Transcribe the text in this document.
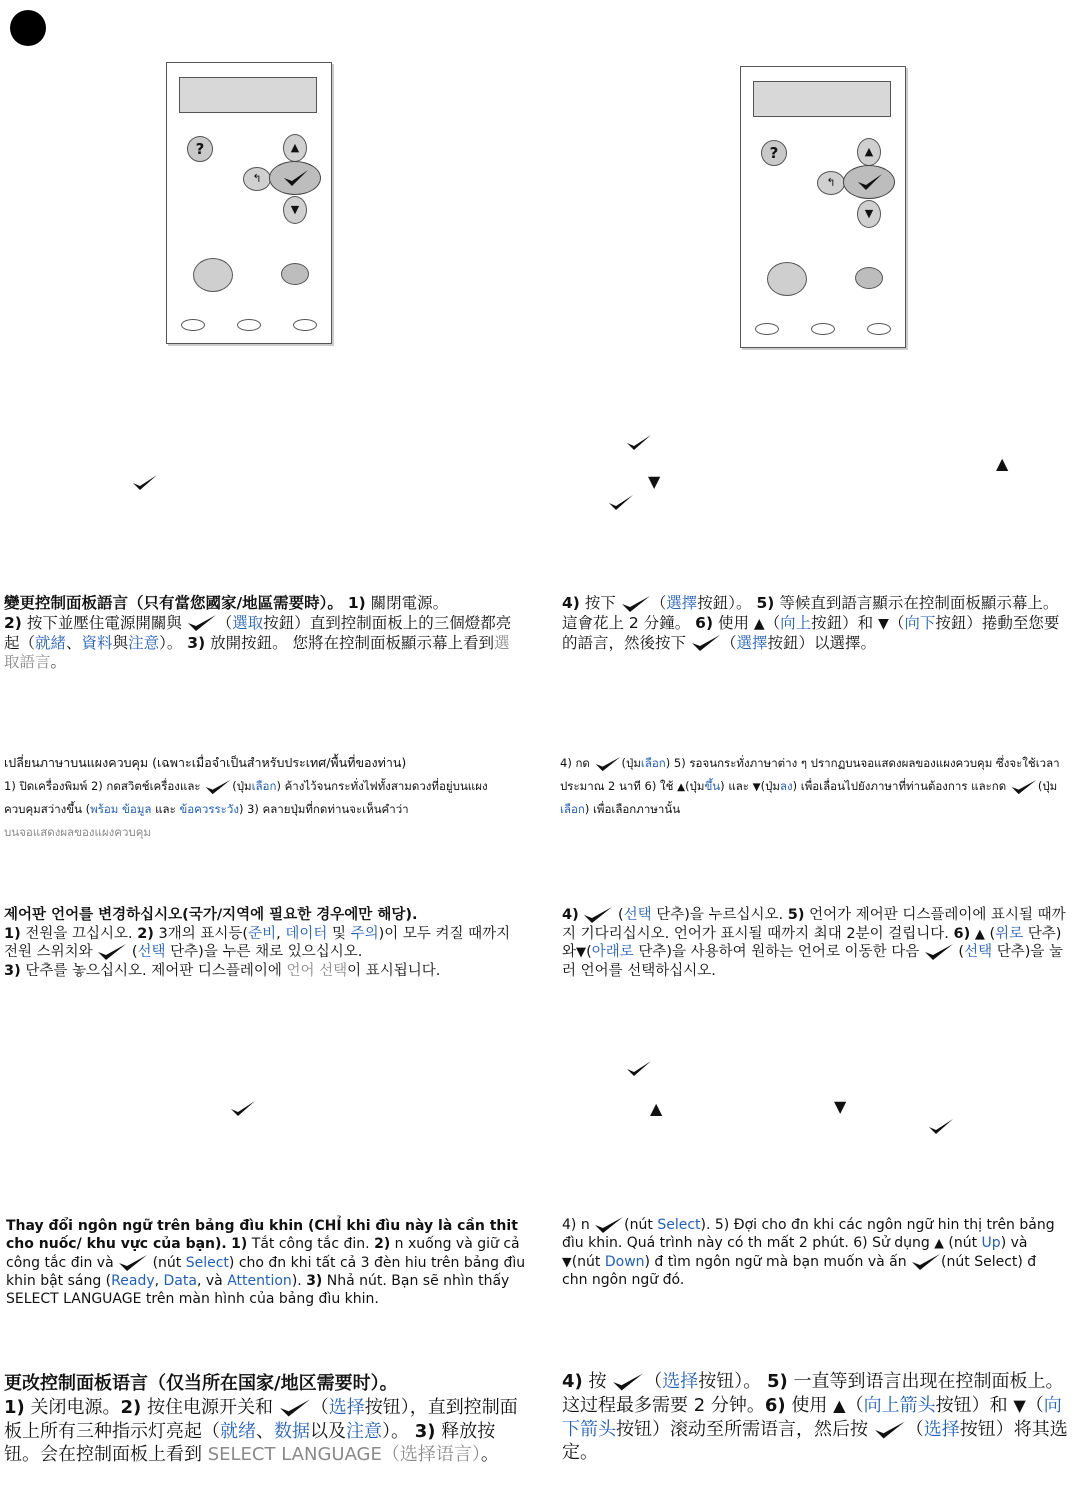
?	▲
↰
▼
?	▲
↰
▼
▲
▼
變更控制面板語言（只有當您國家/地區需要時）。 1) 關閉電源。
2) 按下並壓住電源開關與 （選取按鈕）直到控制面板上的三個燈都亮起（就緒、資料與注意）。 3) 放開按鈕。 您將在控制面板顯示幕上看到選取語言。
4) 按下 （選擇按鈕）。 5) 等候直到語言顯示在控制面板顯示幕上。這會花上 2 分鐘。 6) 使用 ▲（向上按鈕）和 ▼（向下按鈕）捲動至您要的語言，然後按下 （選擇按鈕）以選擇。
เปลี่ยนภาษาบนแผงควบคุม (เฉพาะเมื่อจำเป็นสำหรับประเทศ/พื้นที่ของท่าน)
1) ปิดเครื่องพิมพ์ 2) กดสวิตช์เครื่องและ	(ปุ่มเลือก) ค้างไว้จนกระทั่งไฟทั้งสามดวงที่อยู่บนแผงควบคุมสว่างขึ้น (พร้อม ข้อมูล และ ข้อควรระวัง) 3) คลายปุ่มที่กดท่านจะเห็นคำว่า
บนจอแสดงผลของแผงควบคุม
4) กด	(ปุ่มเลือก) 5) รอจนกระทั่งภาษาต่าง ๆ ปรากฏบนจอแสดงผลของแผงควบคุม ซึ่งจะใช้เวลาประมาณ 2 นาที 6) ใช้ ▲(ปุ่มขึ้น) และ ▼(ปุ่มลง) เพื่อเลื่อนไปยังภาษาที่ท่านต้องการ และกด	(ปุ่มเลือก) เพื่อเลือกภาษานั้น
제어판 언어를 변경하십시오(국가/지역에 필요한 경우에만 해당).
1) 전원을 끄십시오. 2) 3개의 표시등(준비, 데이터 및 주의)이 모두 켜질 때까지 전원 스위치와	(선택 단추)을 누른 채로 있으십시오.
3) 단추를 놓으십시오. 제어판 디스플레이에 언어 선택이 표시됩니다.
4)	(선택 단추)을 누르십시오. 5) 언어가 제어판 디스플레이에 표시될 때까지 기다리십시오. 언어가 표시될 때까지 최대 2분이 걸립니다. 6) ▲ (위로 단추)와▼(아래로 단추)을 사용하여 원하는 언어로 이동한 다음	(선택 단추)을 눌러 언어를 선택하십시오.
▲	▼
Thay đổi ngôn ngữ trên bảng đìu khin (CHỈ khi đìu này là cần thit cho nuốc/ khu vực của bạn). 1) Tắt công tắc đin. 2) n xuống và giữ cả công tắc đin và	(nút Select) cho đn khi tất cả 3 đèn hiu trên bảng đìu khin bật sáng (Ready, Data, và Attention). 3) Nhả nút. Bạn sẽ nhìn thấy SELECT LANGUAGE trên màn hình của bảng đìu khin.
4) n (nút Select). 5) Đợi cho đn khi các ngôn ngữ hin thị trên bảng đìu khin. Quá trình này có th mất 2 phút. 6) Sử dụng ▲ (nút Up) và ▼(nút Down) đ tìm ngôn ngữ mà bạn muốn và ấn (nút Select) đ chn ngôn ngữ đó.
更改控制面板语言（仅当所在国家/地区需要时）。
1) 关闭电源。2) 按住电源开关和 （选择按钮），直到控制面板上所有三种指示灯亮起（就绪、数据以及注意）。 3) 释放按钮。会在控制面板上看到 SELECT LANGUAGE（选择语言）。
4) 按 （选择按钮）。 5) 一直等到语言出现在控制面板上。这过程最多需要 2 分钟。6) 使用 ▲（向上箭头按钮）和 ▼（向下箭头按钮）滚动至所需语言，然后按 （选择按钮）将其选定。
